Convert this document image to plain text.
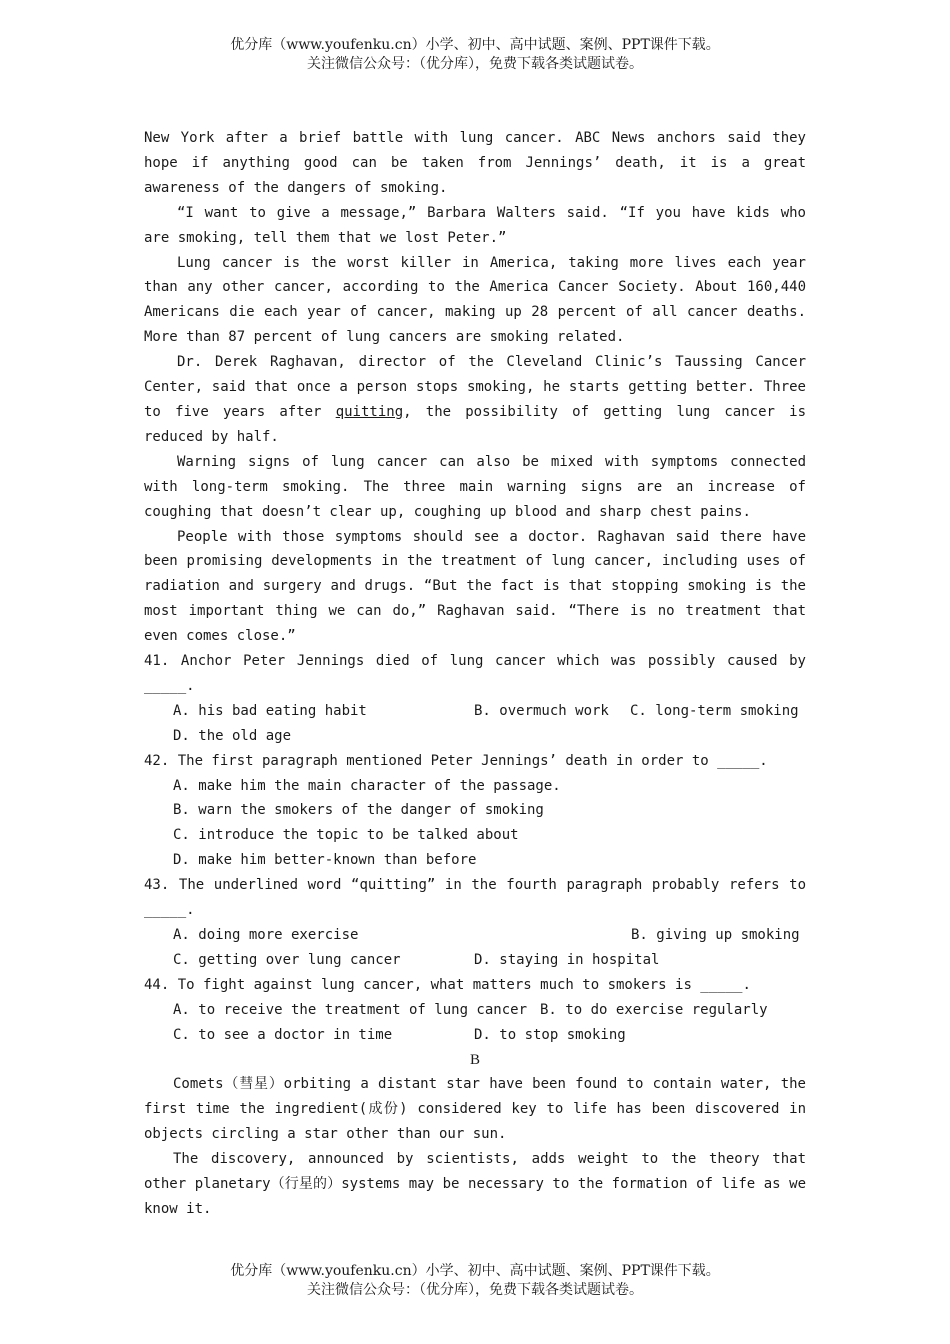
优分库（www.youfenku.cn）小学、初中、高中试题、案例、PPT课件下载。
关注微信公众号：（优分库），免费下载各类试题试卷。

New York after a brief battle with lung cancer. ABC News anchors said they hope if anything good can be taken from Jennings’ death, it is a great awareness of the dangers of smoking.

“I want to give a message,” Barbara Walters said. “If you have kids who are smoking, tell them that we lost Peter.”

Lung cancer is the worst killer in America, taking more lives each year than any other cancer, according to the America Cancer Society. About 160,440 Americans die each year of cancer, making up 28 percent of all cancer deaths. More than 87 percent of lung cancers are smoking related.

Dr. Derek Raghavan, director of the Cleveland Clinic’s Taussing Cancer Center, said that once a person stops smoking, he starts getting better. Three to five years after quitting, the possibility of getting lung cancer is reduced by half.

Warning signs of lung cancer can also be mixed with symptoms connected with long-term smoking. The three main warning signs are an increase of coughing that doesn’t clear up, coughing up blood and sharp chest pains.

People with those symptoms should see a doctor. Raghavan said there have been promising developments in the treatment of lung cancer, including uses of radiation and surgery and drugs. “But the fact is that stopping smoking is the most important thing we can do,” Raghavan said. “There is no treatment that even comes close.”

41. Anchor Peter Jennings died of lung cancer which was possibly caused by _____.

A. his bad eating habit	B. overmuch work C. long-term smoking
D. the old age

42. The first paragraph mentioned Peter Jennings’ death in order to _____.

A. make him the main character of the passage.
B. warn the smokers of the danger of smoking
C. introduce the topic to be talked about
D. make him better-known than before

43. The underlined word “quitting” in the fourth paragraph probably refers to _____.

A. doing more exercise	B. giving up smoking
C. getting over lung cancer	D. staying in hospital

44. To fight against lung cancer, what matters much to smokers is _____.

A. to receive the treatment of lung cancer B. to do exercise regularly
C. to see a doctor in time	D. to stop smoking
B

Comets（彗星）orbiting a distant star have been found to contain water, the first time the ingredient(成份) considered key to life has been discovered in objects circling a star other than our sun.

The discovery, announced by scientists, adds weight to the theory that other planetary（行星的）systems may be necessary to the formation of life as we know it.

优分库（www.youfenku.cn）小学、初中、高中试题、案例、PPT课件下载。
关注微信公众号：（优分库），免费下载各类试题试卷。
